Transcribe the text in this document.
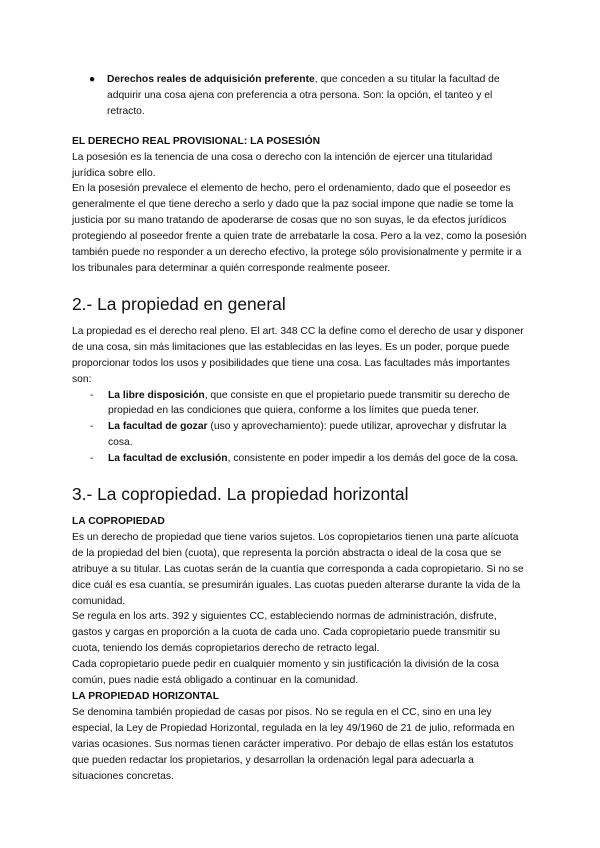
● Derechos reales de adquisición preferente, que conceden a su titular la facultad de adquirir una cosa ajena con preferencia a otra persona. Son: la opción, el tanteo y el retracto.

EL DERECHO REAL PROVISIONAL: LA POSESIÓN

La posesión es la tenencia de una cosa o derecho con la intención de ejercer una titularidad jurídica sobre ello.

En la posesión prevalece el elemento de hecho, pero el ordenamiento, dado que el poseedor es generalmente el que tiene derecho a serlo y dado que la paz social impone que nadie se tome la justicia por su mano tratando de apoderarse de cosas que no son suyas, le da efectos jurídicos protegiendo al poseedor frente a quien trate de arrebatarle la cosa. Pero a la vez, como la posesión también puede no responder a un derecho efectivo, la protege sólo provisionalmente y permite ir a los tribunales para determinar a quién corresponde realmente poseer.

2.- La propiedad en general

La propiedad es el derecho real pleno. El art. 348 CC la define como el derecho de usar y disponer de una cosa, sin más limitaciones que las establecidas en las leyes. Es un poder, porque puede proporcionar todos los usos y posibilidades que tiene una cosa. Las facultades más importantes son:

- La libre disposición, que consiste en que el propietario puede transmitir su derecho de propiedad en las condiciones que quiera, conforme a los límites que pueda tener.
- La facultad de gozar (uso y aprovechamiento): puede utilizar, aprovechar y disfrutar la cosa.
- La facultad de exclusión, consistente en poder impedir a los demás del goce de la cosa.
3.- La copropiedad. La propiedad horizontal

LA COPROPIEDAD

Es un derecho de propiedad que tiene varios sujetos. Los copropietarios tienen una parte alícuota de la propiedad del bien (cuota), que representa la porción abstracta o ideal de la cosa que se atribuye a su titular. Las cuotas serán de la cuantía que corresponda a cada copropietario. Si no se dice cuál es esa cuantía, se presumirán iguales. Las cuotas pueden alterarse durante la vida de la comunidad.

Se regula en los arts. 392 y siguientes CC, estableciendo normas de administración, disfrute, gastos y cargas en proporción a la cuota de cada uno. Cada copropietario puede transmitir su cuota, teniendo los demás copropietarios derecho de retracto legal.

Cada copropietario puede pedir en cualquier momento y sin justificación la división de la cosa común, pues nadie está obligado a continuar en la comunidad.

LA PROPIEDAD HORIZONTAL

Se denomina también propiedad de casas por pisos. No se regula en el CC, sino en una ley especial, la Ley de Propiedad Horizontal, regulada en la ley 49/1960 de 21 de julio, reformada en varias ocasiones. Sus normas tienen carácter imperativo. Por debajo de ellas están los estatutos que pueden redactar los propietarios, y desarrollan la ordenación legal para adecuarla a situaciones concretas.
